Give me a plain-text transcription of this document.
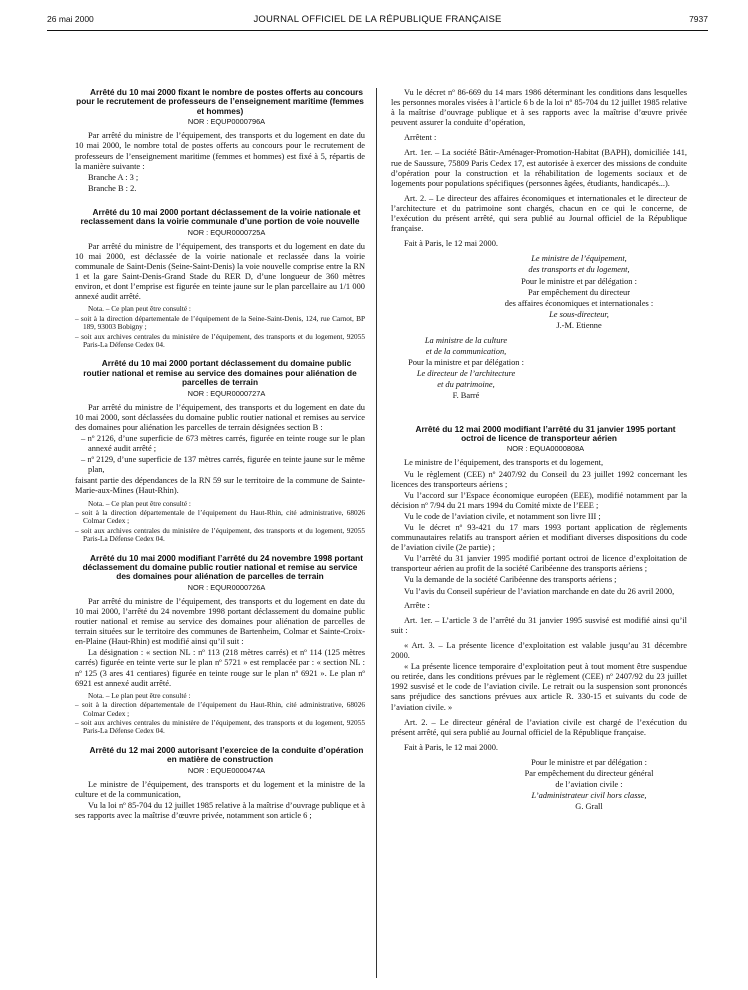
26 mai 2000	JOURNAL OFFICIEL DE LA RÉPUBLIQUE FRANÇAISE	7937

Arrêté du 10 mai 2000 fixant le nombre de postes offerts au concours pour le recrutement de professeurs de l’enseignement maritime (femmes et hommes)

NOR : EQUP0000796A

Par arrêté du ministre de l’équipement, des transports et du logement en date du 10 mai 2000, le nombre total de postes offerts au concours pour le recrutement de professeurs de l’enseignement maritime (femmes et hommes) est fixé à 5, répartis de la manière suivante :

Branche A : 3 ;

Branche B : 2.

Arrêté du 10 mai 2000 portant déclassement de la voirie nationale et reclassement dans la voirie communale d’une portion de voie nouvelle

NOR : EQUR0000725A

Par arrêté du ministre de l’équipement, des transports et du logement en date du 10 mai 2000, est déclassée de la voirie nationale et reclassée dans la voirie communale de Saint-Denis (Seine-Saint-Denis) la voie nouvelle comprise entre la RN 1 et la gare Saint-Denis-Grand Stade du RER D, d’une longueur de 360 mètres environ, et dont l’emprise est figurée en teinte jaune sur le plan parcellaire au 1/1 000 annexé audit arrêté.

Nota. – Ce plan peut être consulté :

– soit à la direction départementale de l’équipement de la Seine-Saint-Denis, 124, rue Carnot, BP 189, 93003 Bobigny ;

– soit aux archives centrales du ministère de l’équipement, des transports et du logement, 92055 Paris-La Défense Cedex 04.

Arrêté du 10 mai 2000 portant déclassement du domaine public routier national et remise au service des domaines pour aliénation de parcelles de terrain

NOR : EQUR0000727A

Par arrêté du ministre de l’équipement, des transports et du logement en date du 10 mai 2000, sont déclassées du domaine public routier national et remises au service des domaines pour aliénation les parcelles de terrain désignées section B :

– nº 2126, d’une superficie de 673 mètres carrés, figurée en teinte rouge sur le plan annexé audit arrêté ;

– nº 2129, d’une superficie de 137 mètres carrés, figurée en teinte jaune sur le même plan,

faisant partie des dépendances de la RN 59 sur le territoire de la commune de Sainte-Marie-aux-Mines (Haut-Rhin).

Nota. – Ce plan peut être consulté :

– soit à la direction départementale de l’équipement du Haut-Rhin, cité administrative, 68026 Colmar Cedex ;

– soit aux archives centrales du ministère de l’équipement, des transports et du logement, 92055 Paris-La Défense Cedex 04.

Arrêté du 10 mai 2000 modifiant l’arrêté du 24 novembre 1998 portant déclassement du domaine public routier national et remise au service des domaines pour aliénation de parcelles de terrain

NOR : EQUR0000726A

Par arrêté du ministre de l’équipement, des transports et du logement en date du 10 mai 2000, l’arrêté du 24 novembre 1998 portant déclassement du domaine public routier national et remise au service des domaines pour aliénation de parcelles de terrain situées sur le territoire des communes de Bartenheim, Colmar et Sainte-Croix-en-Plaine (Haut-Rhin) est modifié ainsi qu’il suit :

La désignation : « section NL : nº 113 (218 mètres carrés) et nº 114 (125 mètres carrés) figurée en teinte verte sur le plan nº 5721 » est remplacée par : « section NL : nº 125 (3 ares 41 centiares) figurée en teinte rouge sur le plan nº 6921 ». Le plan nº 6921 est annexé audit arrêté.

Nota. – Le plan peut être consulté :

– soit à la direction départementale de l’équipement du Haut-Rhin, cité administrative, 68026 Colmar Cedex ;

– soit aux archives centrales du ministère de l’équipement, des transports et du logement, 92055 Paris-La Défense Cedex 04.

Arrêté du 12 mai 2000 autorisant l’exercice de la conduite d’opération en matière de construction

NOR : EQUE0000474A

Le ministre de l’équipement, des transports et du logement et la ministre de la culture et de la communication,

Vu la loi nº 85-704 du 12 juillet 1985 relative à la maîtrise d’ouvrage publique et à ses rapports avec la maîtrise d’œuvre privée, notamment son article 6 ;

Vu le décret nº 86-669 du 14 mars 1986 déterminant les conditions dans lesquelles les personnes morales visées à l’article 6 b de la loi nº 85-704 du 12 juillet 1985 relative à la maîtrise d’ouvrage publique et à ses rapports avec la maîtrise d’œuvre privée peuvent assurer la conduite d’opération,

Arrêtent :

Art. 1er. – La société Bâtir-Aménager-Promotion-Habitat (BAPH), domiciliée 141, rue de Saussure, 75809 Paris Cedex 17, est autorisée à exercer des missions de conduite d’opération pour la construction et la réhabilitation de logements sociaux et de logements pour populations spécifiques (personnes âgées, étudiants, handicapés...).

Art. 2. – Le directeur des affaires économiques et internationales et le directeur de l’architecture et du patrimoine sont chargés, chacun en ce qui le concerne, de l’exécution du présent arrêté, qui sera publié au Journal officiel de la République française.

Fait à Paris, le 12 mai 2000.

Le ministre de l’équipement,

des transports et du logement,

Pour le ministre et par délégation :

Par empêchement du directeur

des affaires économiques et internationales :

Le sous-directeur,

J.-M. Etienne

La ministre de la culture

et de la communication,

Pour la ministre et par délégation :

Le directeur de l’architecture

et du patrimoine,

F. Barré

Arrêté du 12 mai 2000 modifiant l’arrêté du 31 janvier 1995 portant octroi de licence de transporteur aérien

NOR : EQUA0000808A

Le ministre de l’équipement, des transports et du logement,

Vu le règlement (CEE) nº 2407/92 du Conseil du 23 juillet 1992 concernant les licences des transporteurs aériens ;

Vu l’accord sur l’Espace économique européen (EEE), modifié notamment par la décision nº 7/94 du 21 mars 1994 du Comité mixte de l’EEE ;

Vu le code de l’aviation civile, et notamment son livre III ;

Vu le décret nº 93-421 du 17 mars 1993 portant application de règlements communautaires relatifs au transport aérien et modifiant diverses dispositions du code de l’aviation civile (2e partie) ;

Vu l’arrêté du 31 janvier 1995 modifié portant octroi de licence d’exploitation de transporteur aérien au profit de la société Caribéenne des transports aériens ;

Vu la demande de la société Caribéenne des transports aériens ;

Vu l’avis du Conseil supérieur de l’aviation marchande en date du 26 avril 2000,

Arrête :

Art. 1er. – L’article 3 de l’arrêté du 31 janvier 1995 susvisé est modifié ainsi qu’il suit :

« Art. 3. – La présente licence d’exploitation est valable jusqu’au 31 décembre 2000.

« La présente licence temporaire d’exploitation peut à tout moment être suspendue ou retirée, dans les conditions prévues par le règlement (CEE) nº 2407/92 du 23 juillet 1992 susvisé et le code de l’aviation civile. Le retrait ou la suspension sont prononcés sans préjudice des sanctions prévues aux article R. 330-15 et suivants du code de l’aviation civile. »

Art. 2. – Le directeur général de l’aviation civile est chargé de l’exécution du présent arrêté, qui sera publié au Journal officiel de la République française.

Fait à Paris, le 12 mai 2000.

Pour le ministre et par délégation :

Par empêchement du directeur général

de l’aviation civile :

L’administrateur civil hors classe,

G. Grall
